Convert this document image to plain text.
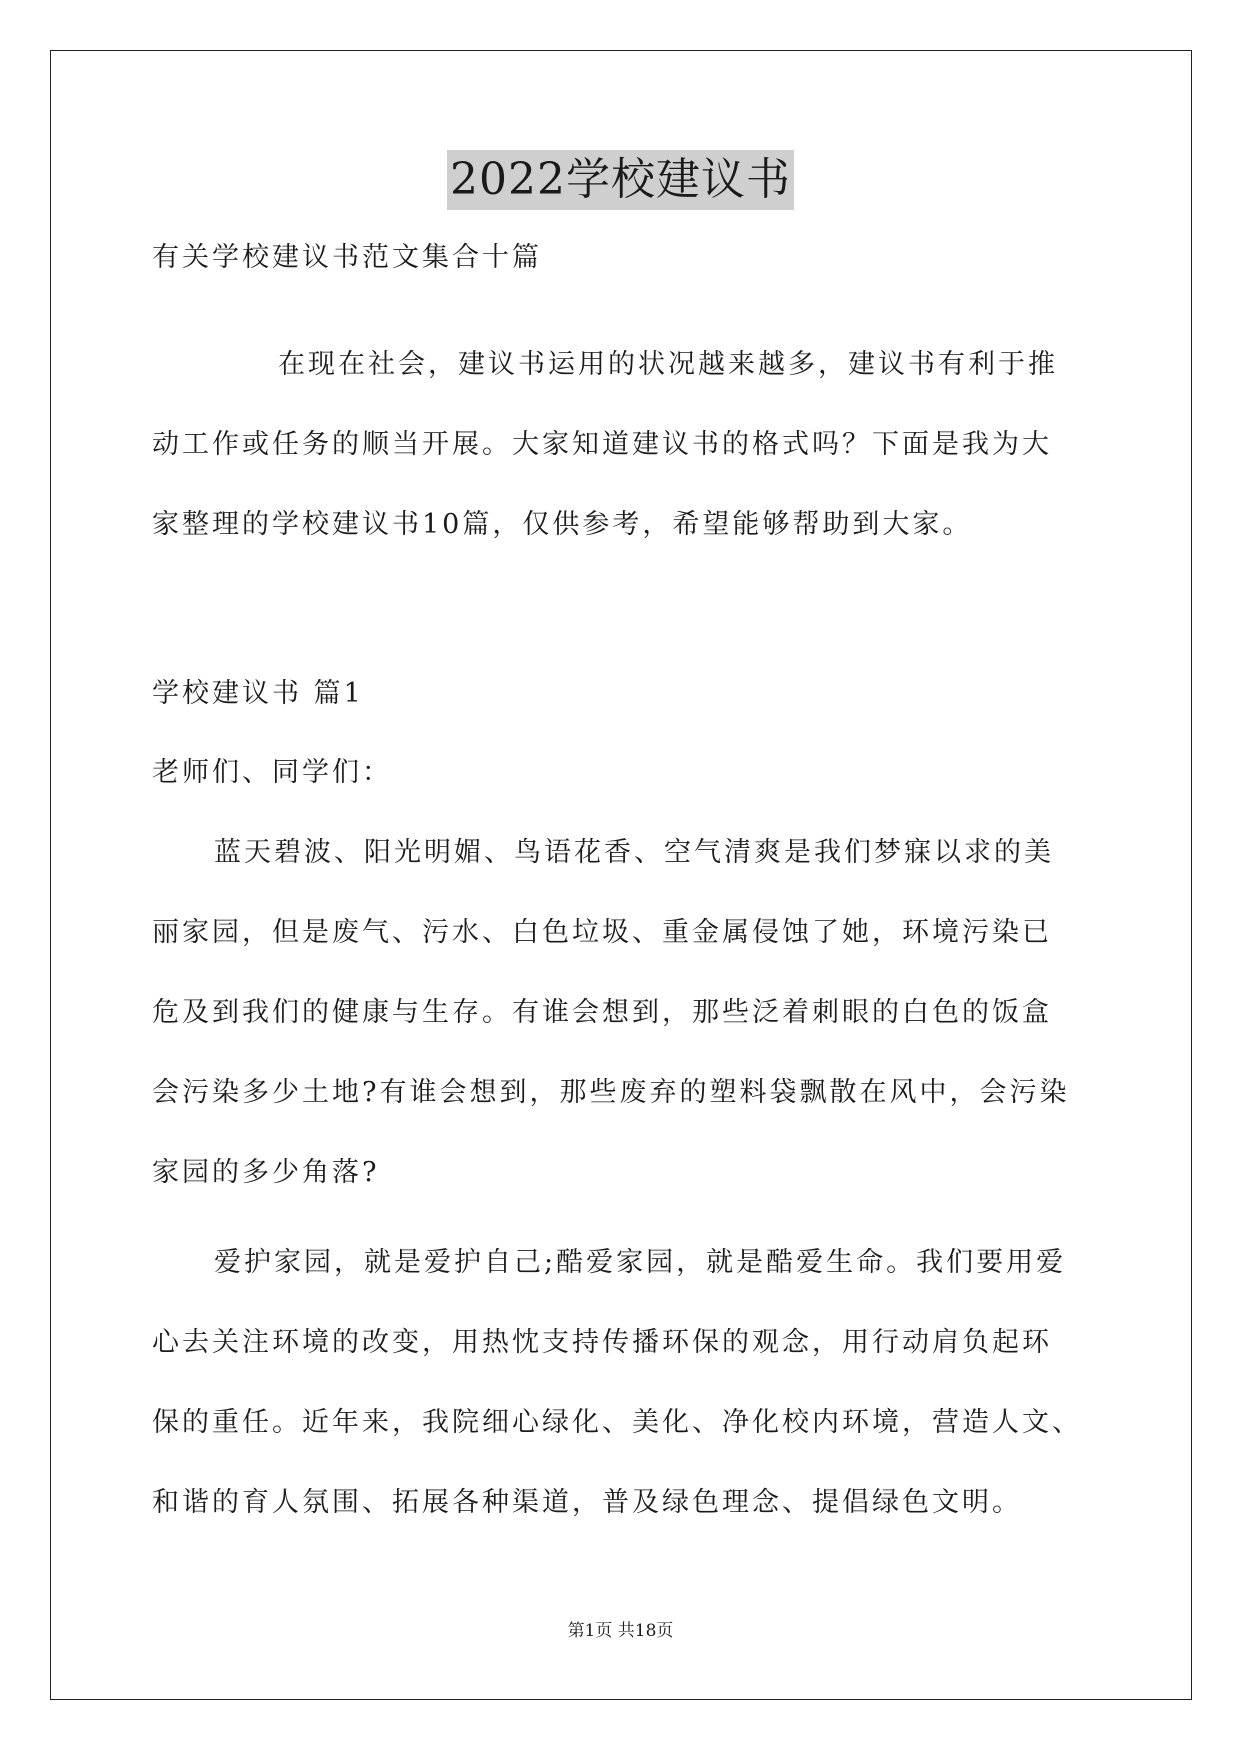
2022学校建议书

有关学校建议书范文集合十篇

在现在社会，建议书运用的状况越来越多，建议书有利于推

动工作或任务的顺当开展。大家知道建议书的格式吗？下面是我为大

家整理的学校建议书10篇，仅供参考，希望能够帮助到大家。

学校建议书 篇1

老师们、同学们：

蓝天碧波、阳光明媚、鸟语花香、空气清爽是我们梦寐以求的美

丽家园，但是废气、污水、白色垃圾、重金属侵蚀了她，环境污染已

危及到我们的健康与生存。有谁会想到，那些泛着刺眼的白色的饭盒

会污染多少土地?有谁会想到，那些废弃的塑料袋飘散在风中，会污染

家园的多少角落?

爱护家园，就是爱护自己;酷爱家园，就是酷爱生命。我们要用爱

心去关注环境的改变，用热忱支持传播环保的观念，用行动肩负起环

保的重任。近年来，我院细心绿化、美化、净化校内环境，营造人文、

和谐的育人氛围、拓展各种渠道，普及绿色理念、提倡绿色文明。

第1页 共18页
